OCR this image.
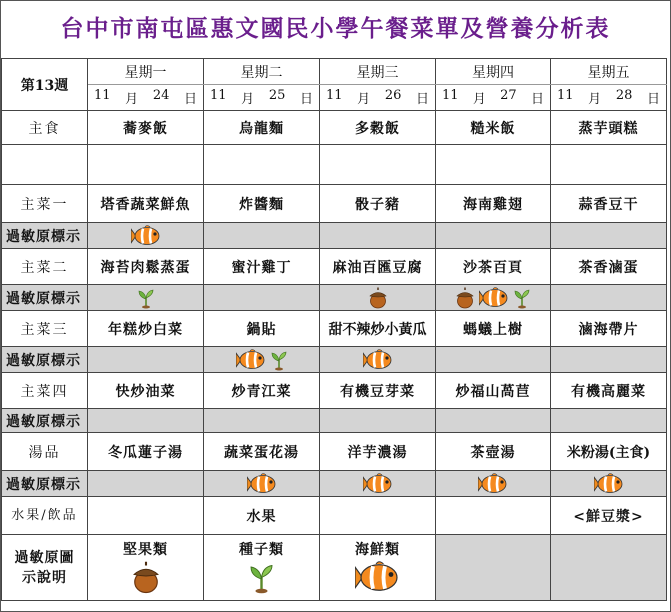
台中市南屯區惠文國民小學午餐菜單及營養分析表
第13週	星期一	星期二	星期三	星期四	星期五

	11 月 24 日	11 月 25 日	11 月 26 日	11 月 27 日	11 月 28 日

主食	蕎麥飯	烏龍麵	多穀飯	糙米飯	蒸芋頭糕

主菜一	塔香蔬菜鮮魚	炸醬麵	骰子豬	海南雞翅	蒜香豆干
過敏原標示					
主菜二	海苔肉鬆蒸蛋	蜜汁雞丁	麻油百匯豆腐	沙茶百頁	茶香滷蛋
過敏原標示					
主菜三	年糕炒白菜	鍋貼	甜不辣炒小黃瓜	螞蟻上樹	滷海帶片
過敏原標示					
主菜四	快炒油菜	炒青江菜	有機豆芽菜	炒福山萵苣	有機高麗菜
過敏原標示					
湯品	冬瓜蓮子湯	蔬菜蛋花湯	洋芋濃湯	茶壺湯	米粉湯(主食)
過敏原標示					
水果/飲品		水果			<鮮豆漿>
過敏原圖示說明	堅果類	種子類	海鮮類		
